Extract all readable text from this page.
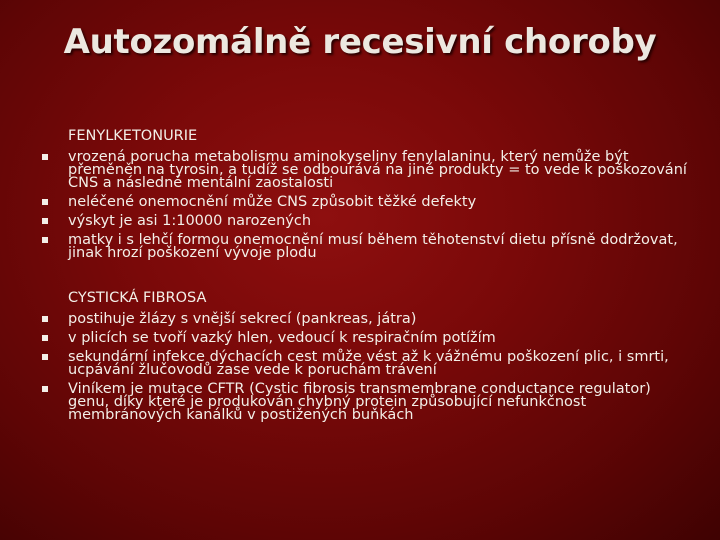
Autozomálně recesivní choroby
FENYLKETONURIE
vrozená porucha metabolismu aminokyseliny fenylalaninu, který nemůže být přeměněn na tyrosin, a tudíž se odbourává na jiné produkty = to vede k poškozování CNS a následné mentální zaostalosti
neléčené onemocnění může CNS způsobit těžké defekty
výskyt je asi 1:10000 narozených
matky i s lehčí formou onemocnění musí během těhotenství dietu přísně dodržovat, jinak hrozí poškození vývoje plodu
CYSTICKÁ FIBROSA
postihuje žlázy s vnější sekrecí (pankreas, játra)
v plicích se tvoří vazký hlen, vedoucí k respiračním potížím
sekundární infekce dýchacích cest může vést až k vážnému poškození plic, i smrti, ucpávání žlučovodů zase vede k poruchám trávení
Viníkem je mutace CFTR (Cystic fibrosis transmembrane conductance regulator) genu, díky které je produkován chybný protein způsobující nefunkčnost membránových kanálků v postižených buňkách
